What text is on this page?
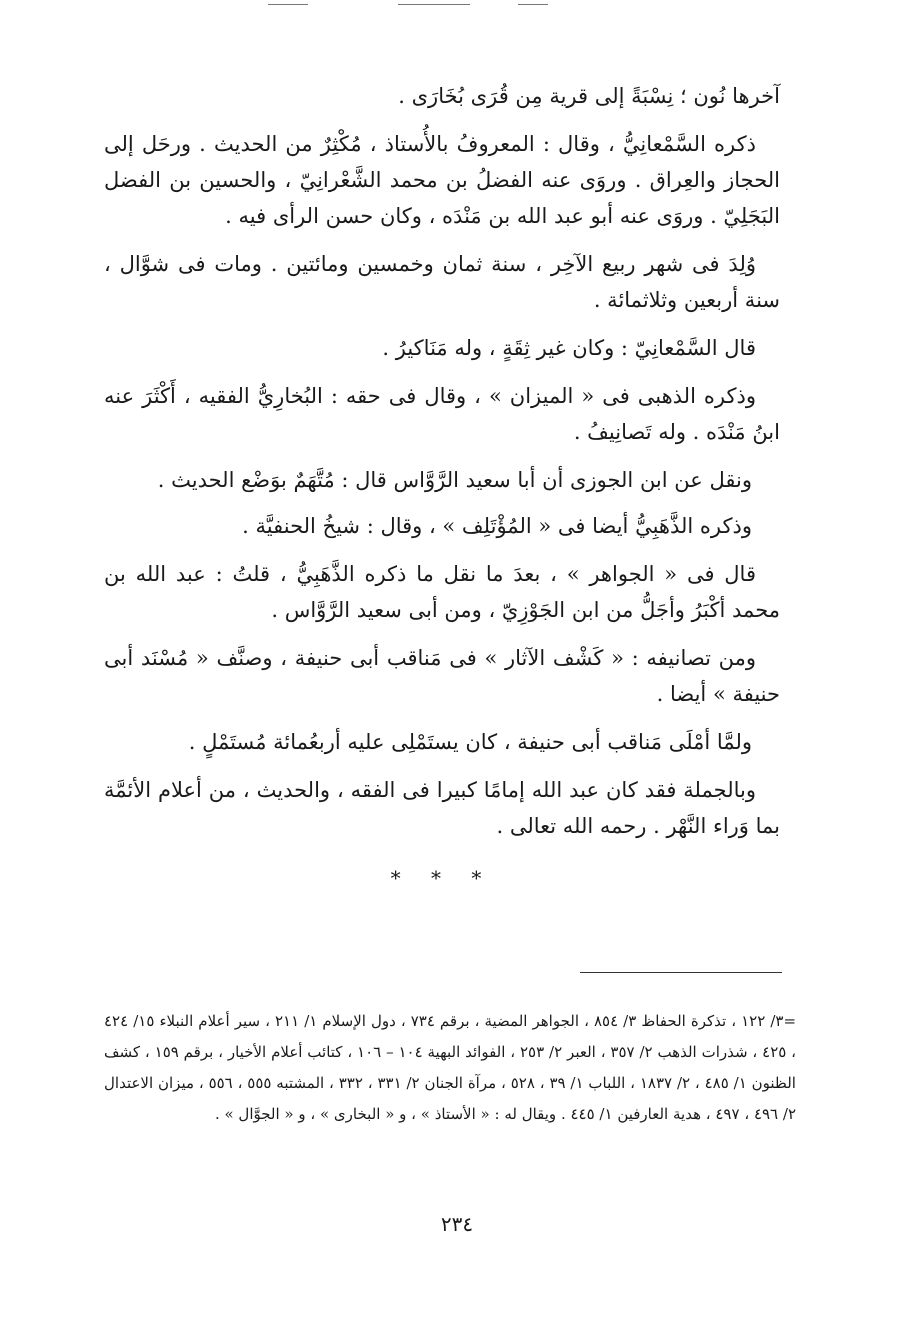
آخرها نُون ؛ نِسْبَةً إلى قرية مِن قُرَى بُخَارَى .

ذكره السَّمْعانِيُّ ، وقال : المعروفُ بالأُستاذ ، مُكْثِرٌ من الحديث . ورحَل إلى الحجاز والعِراق . وروَى عنه الفضلُ بن محمد الشَّعْرانِيّ ، والحسين بن الفضل البَجَلِيّ . وروَى عنه أبو عبد الله بن مَنْدَه ، وكان حسن الرأى فيه .

وُلِدَ فى شهر ربيع الآخِر ، سنة ثمان وخمسين ومائتين . ومات فى شوَّال ، سنة أربعين وثلاثمائة .

قال السَّمْعانِيّ : وكان غير ثِقَةٍ ، وله مَنَاكيرُ .

وذكره الذهبى فى « الميزان » ، وقال فى حقه : البُخارِيُّ الفقيه ، أَكْثَرَ عنه ابنُ مَنْدَه . وله تَصانِيفُ .

ونقل عن ابن الجوزى أن أبا سعيد الرَّوَّاس قال : مُتَّهَمٌ بوَضْع الحديث .

وذكره الذَّهَبِيُّ أيضا فى « المُؤْتَلِف » ، وقال : شيخُ الحنفيَّة .

قال فى « الجواهر » ، بعدَ ما نقل ما ذكره الذَّهَبِيُّ ، قلتُ : عبد الله بن محمد أكْبَرُ وأجَلُّ من ابن الجَوْزِيّ ، ومن أبى سعيد الرَّوَّاس .

ومن تصانيفه : « كَشْف الآثار » فى مَناقب أبى حنيفة ، وصنَّف « مُسْنَد أبى حنيفة » أيضا .

ولمَّا أمْلَى مَناقب أبى حنيفة ، كان يستَمْلِى عليه أربعُمائة مُستَمْلٍ .

وبالجملة فقد كان عبد الله إمامًا كبيرا فى الفقه ، والحديث ، من أعلام الأئمَّة بما وَراء النَّهْر . رحمه الله تعالى .

* * *
=٣/ ١٢٢ ، تذكرة الحفاظ ٣/ ٨٥٤ ، الجواهر المضية ، برقم ٧٣٤ ، دول الإسلام ١/ ٢١١ ، سير أعلام النبلاء ١٥/ ٤٢٤ ، ٤٢٥ ، شذرات الذهب ٢/ ٣٥٧ ، العبر ٢/ ٢٥٣ ، الفوائد البهية ١٠٤ – ١٠٦ ، كتائب أعلام الأخيار ، برقم ١٥٩ ، كشف الظنون ١/ ٤٨٥ ، ٢/ ١٨٣٧ ، اللباب ١/ ٣٩ ، ٥٢٨ ، مرآة الجنان ٢/ ٣٣١ ، ٣٣٢ ، المشتبه ٥٥٥ ، ٥٥٦ ، ميزان الاعتدال ٢/ ٤٩٦ ، ٤٩٧ ، هدية العارفين ١/ ٤٤٥ . ويقال له : « الأستاذ » ، و « البخارى » ، و « الجوَّال » .
٢٣٤
